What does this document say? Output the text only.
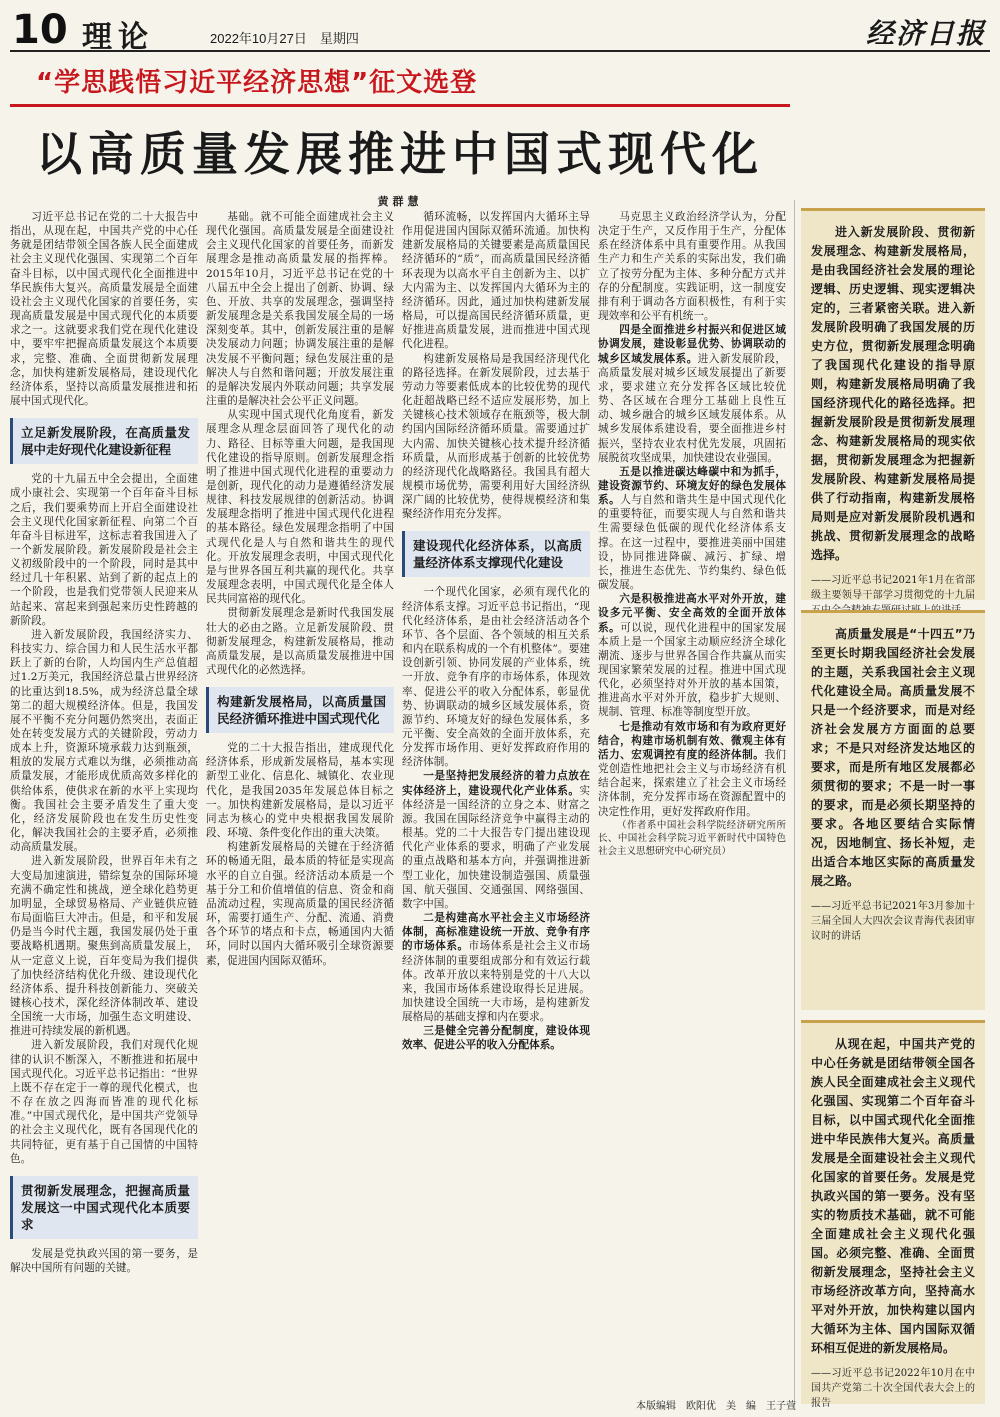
10 理论	2022年10月27日　星期四	经济日报
“学思践悟习近平经济思想”征文选登
以高质量发展推进中国式现代化
黄群慧

习近平总书记在党的二十大报告中指出，从现在起，中国共产党的中心任务就是团结带领全国各族人民全面建成社会主义现代化强国、实现第二个百年奋斗目标，以中国式现代化全面推进中华民族伟大复兴。高质量发展是全面建设社会主义现代化国家的首要任务，实现高质量发展是中国式现代化的本质要求之一。这就要求我们党在现代化建设中，要牢牢把握高质量发展这个本质要求，完整、准确、全面贯彻新发展理念，加快构建新发展格局，建设现代化经济体系，坚持以高质量发展推进和拓展中国式现代化。

立足新发展阶段，在高质量发展中走好现代化建设新征程

党的十九届五中全会提出，全面建成小康社会、实现第一个百年奋斗目标之后，我们要乘势而上开启全面建设社会主义现代化国家新征程、向第二个百年奋斗目标进军，这标志着我国进入了一个新发展阶段。新发展阶段是社会主义初级阶段中的一个阶段，同时是其中经过几十年积累、站到了新的起点上的一个阶段，也是我们党带领人民迎来从站起来、富起来到强起来历史性跨越的新阶段。

进入新发展阶段，我国经济实力、科技实力、综合国力和人民生活水平都跃上了新的台阶，人均国内生产总值超过1.2万美元，我国经济总量占世界经济的比重达到18.5%，成为经济总量全球第二的超大规模经济体。但是，我国发展不平衡不充分问题仍然突出，表面正处在转变发展方式的关键阶段，劳动力成本上升，资源环境承载力达到瓶颈，粗放的发展方式难以为继，必须推动高质量发展，才能形成优质高效多样化的供给体系，使供求在新的水平上实现均衡。我国社会主要矛盾发生了重大变化，经济发展阶段也在发生历史性变化，解决我国社会的主要矛盾，必须推动高质量发展。

进入新发展阶段，世界百年未有之大变局加速演进，错综复杂的国际环境充满不确定性和挑战，逆全球化趋势更加明显，全球贸易格局、产业链供应链布局面临巨大冲击。但是，和平和发展仍是当今时代主题，我国发展仍处于重要战略机遇期。聚焦到高质量发展上，从一定意义上说，百年变局为我们提供了加快经济结构优化升级、建设现代化经济体系、提升科技创新能力、突破关键核心技术，深化经济体制改革、建设全国统一大市场，加强生态文明建设、推进可持续发展的新机遇。

进入新发展阶段，我们对现代化规律的认识不断深入，不断推进和拓展中国式现代化。习近平总书记指出：“世界上既不存在定于一尊的现代化模式，也不存在放之四海而皆准的现代化标准。”中国式现代化，是中国共产党领导的社会主义现代化，既有各国现代化的共同特征，更有基于自己国情的中国特色。

贯彻新发展理念，把握高质量发展这一中国式现代化本质要求

发展是党执政兴国的第一要务，是解决中国所有问题的关键。

基础。就不可能全面建成社会主义现代化强国。高质量发展是全面建设社会主义现代化国家的首要任务，而新发展理念是推动高质量发展的指挥棒。2015年10月，习近平总书记在党的十八届五中全会上提出了创新、协调、绿色、开放、共享的发展理念，强调坚持新发展理念是关系我国发展全局的一场深刻变革。其中，创新发展注重的是解决发展动力问题；协调发展注重的是解决发展不平衡问题；绿色发展注重的是解决人与自然和谐问题；开放发展注重的是解决发展内外联动问题；共享发展注重的是解决社会公平正义问题。

从实现中国式现代化角度看，新发展理念从理念层面回答了现代化的动力、路径、目标等重大问题，是我国现代化建设的指导原则。创新发展理念指明了推进中国式现代化进程的重要动力是创新，现代化的动力是遵循经济发展规律、科技发展规律的创新活动。协调发展理念指明了推进中国式现代化进程的基本路径。绿色发展理念指明了中国式现代化是人与自然和谐共生的现代化。开放发展理念表明，中国式现代化是与世界各国互利共赢的现代化。共享发展理念表明，中国式现代化是全体人民共同富裕的现代化。

贯彻新发展理念是新时代我国发展壮大的必由之路。立足新发展阶段、贯彻新发展理念，构建新发展格局，推动高质量发展，是以高质量发展推进中国式现代化的必然选择。

构建新发展格局，以高质量国民经济循环推进中国式现代化

党的二十大报告指出，建成现代化经济体系，形成新发展格局，基本实现新型工业化、信息化、城镇化、农业现代化，是我国2035年发展总体目标之一。加快构建新发展格局，是以习近平同志为核心的党中央根据我国发展阶段、环境、条件变化作出的重大决策。

构建新发展格局的关键在于经济循环的畅通无阻，最本质的特征是实现高水平的自立自强。经济活动本质是一个基于分工和价值增值的信息、资金和商品流动过程，实现高质量的国民经济循环，需要打通生产、分配、流通、消费各个环节的堵点和卡点，畅通国内大循环，同时以国内大循环吸引全球资源要素，促进国内国际双循环。

循环流畅，以发挥国内大循环主导作用促进国内国际双循环流通。加快构建新发展格局的关键要素是高质量国民经济循环的“质”，而高质量国民经济循环表现为以高水平自主创新为主、以扩大内需为主、以发挥国内大循环为主的经济循环。因此，通过加快构建新发展格局，可以提高国民经济循环质量，更好推进高质量发展，进而推进中国式现代化进程。

构建新发展格局是我国经济现代化的路径选择。在新发展阶段，过去基于劳动力等要素低成本的比较优势的现代化赶超战略已经不适应发展形势，加上关键核心技术领域存在瓶颈等，极大制约国内国际经济循环质量。需要通过扩大内需、加快关键核心技术提升经济循环质量，从而形成基于创新的比较优势的经济现代化战略路径。我国具有超大规模市场优势，需要利用好大国经济纵深广阔的比较优势，使得规模经济和集聚经济作用充分发挥。

建设现代化经济体系，以高质量经济体系支撑现代化建设

一个现代化国家，必须有现代化的经济体系支撑。习近平总书记指出，“现代化经济体系，是由社会经济活动各个环节、各个层面、各个领域的相互关系和内在联系构成的一个有机整体”。要建设创新引领、协同发展的产业体系，统一开放、竞争有序的市场体系，体现效率、促进公平的收入分配体系，彰显优势、协调联动的城乡区域发展体系，资源节约、环境友好的绿色发展体系，多元平衡、安全高效的全面开放体系，充分发挥市场作用、更好发挥政府作用的经济体制。

一是坚持把发展经济的着力点放在实体经济上，建设现代化产业体系。实体经济是一国经济的立身之本、财富之源。我国在国际经济竞争中赢得主动的根基。党的二十大报告专门提出建设现代化产业体系的要求，明确了产业发展的重点战略和基本方向，并强调推进新型工业化，加快建设制造强国、质量强国、航天强国、交通强国、网络强国、数字中国。

二是构建高水平社会主义市场经济体制，高标准建设统一开放、竞争有序的市场体系。市场体系是社会主义市场经济体制的重要组成部分和有效运行载体。改革开放以来特别是党的十八大以来，我国市场体系建设取得长足进展。加快建设全国统一大市场，是构建新发展格局的基础支撑和内在要求。

三是健全完善分配制度，建设体现效率、促进公平的收入分配体系。

马克思主义政治经济学认为，分配决定于生产，又反作用于生产，分配体系在经济体系中具有重要作用。从我国生产力和生产关系的实际出发，我们确立了按劳分配为主体、多种分配方式并存的分配制度。实践证明，这一制度安排有利于调动各方面积极性，有利于实现效率和公平有机统一。

四是全面推进乡村振兴和促进区域协调发展，建设彰显优势、协调联动的城乡区域发展体系。进入新发展阶段，高质量发展对城乡区域发展提出了新要求，要求建立充分发挥各区域比较优势、各区域在合理分工基础上良性互动、城乡融合的城乡区域发展体系。从城乡发展体系建设看，要全面推进乡村振兴，坚持农业农村优先发展，巩固拓展脱贫攻坚成果，加快建设农业强国。

五是以推进碳达峰碳中和为抓手，建设资源节约、环境友好的绿色发展体系。人与自然和谐共生是中国式现代化的重要特征，而要实现人与自然和谐共生需要绿色低碳的现代化经济体系支撑。在这一过程中，要推进美丽中国建设，协同推进降碳、减污、扩绿、增长，推进生态优先、节约集约、绿色低碳发展。

六是积极推进高水平对外开放，建设多元平衡、安全高效的全面开放体系。可以说，现代化进程中的国家发展本质上是一个国家主动顺应经济全球化潮流、逐步与世界各国合作共赢从而实现国家繁荣发展的过程。推进中国式现代化，必须坚持对外开放的基本国策，推进高水平对外开放，稳步扩大规则、规制、管理、标准等制度型开放。

七是推动有效市场和有为政府更好结合，构建市场机制有效、微观主体有活力、宏观调控有度的经济体制。我们党创造性地把社会主义与市场经济有机结合起来，探索建立了社会主义市场经济体制，充分发挥市场在资源配置中的决定性作用，更好发挥政府作用。

（作者系中国社会科学院经济研究所所长、中国社会科学院习近平新时代中国特色社会主义思想研究中心研究员）

进入新发展阶段、贯彻新发展理念、构建新发展格局，是由我国经济社会发展的理论逻辑、历史逻辑、现实逻辑决定的，三者紧密关联。进入新发展阶段明确了我国发展的历史方位，贯彻新发展理念明确了我国现代化建设的指导原则，构建新发展格局明确了我国经济现代化的路径选择。把握新发展阶段是贯彻新发展理念、构建新发展格局的现实依据，贯彻新发展理念为把握新发展阶段、构建新发展格局提供了行动指南，构建新发展格局则是应对新发展阶段机遇和挑战、贯彻新发展理念的战略选择。

——习近平总书记2021年1月在省部级主要领导干部学习贯彻党的十九届

高质量发展是“十四五”乃至更长时期我国经济社会发展的主题，关系我国社会主义现代化建设全局。高质量发展不只是一个经济要求，而是对经济社会发展方方面面的总要求；不是只对经济发达地区的要求，而是所有地区发展都必须贯彻的要求；不是一时一事的要求，而是必须长期坚持的要求。各地区要结合实际情况，因地制宜、扬长补短，走出适合本地区实际的高质量发展之路。

——习近平总书记2021年3月参加十三届全国人大四次会议青海代表团审议时的讲话

从现在起，中国共产党的中心任务就是团结带领全国各族人民全面建成社会主义现代化强国、实现第二个百年奋斗目标，以中国式现代化全面推进中华民族伟大复兴。高质量发展是全面建设社会主义现代化国家的首要任务。发展是党执政兴国的第一要务。没有坚实的物质技术基础，就不可能全面建成社会主义现代化强国。必须完整、准确、全面贯彻新发展理念，坚持社会主义市场经济改革方向，坚持高水平对外开放，加快构建以国内大循环为主体、国内国际双循环相互促进的新发展格局。

——习近平总书记2022年10月在中国共产党第二十次全国代表大会上的报告

本版编辑　欧阳优　美　编　王子萱
